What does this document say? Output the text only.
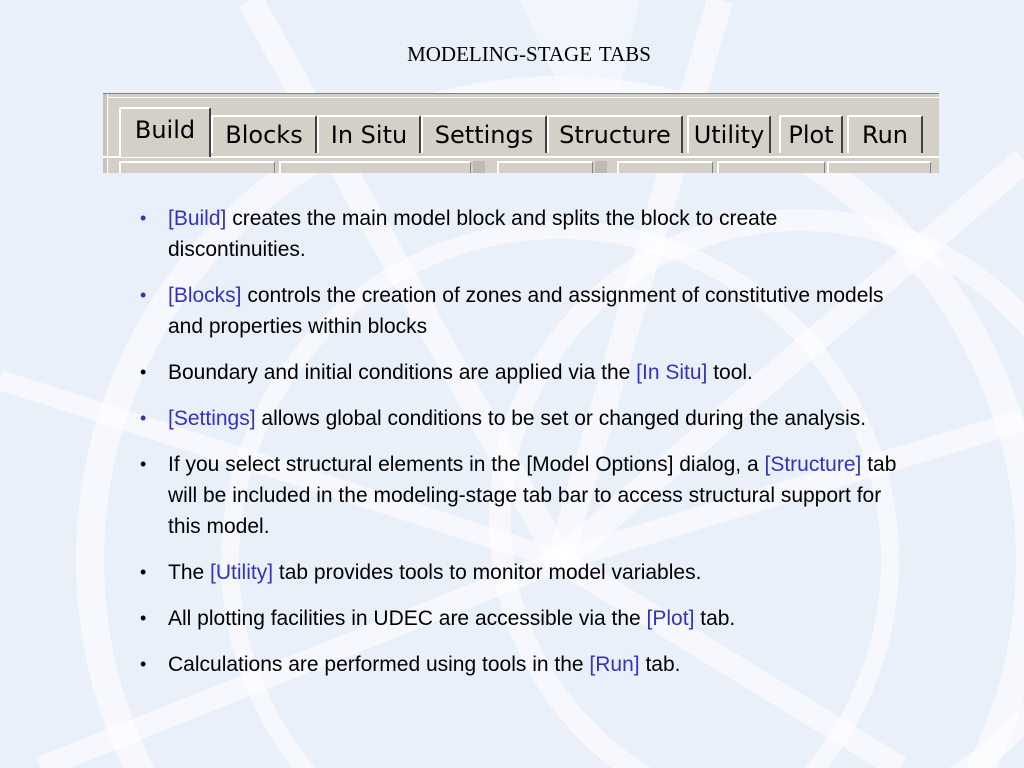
MODELING-STAGE TABS
Build	Blocks	In Situ	Settings	Structure Utility	Plot	Run
•	[Build] creates the main model block and splits the block to create discontinuities.
•	[Blocks] controls the creation of zones and assignment of constitutive models and properties within blocks
•	Boundary and initial conditions are applied via the [In Situ] tool.
•	[Settings] allows global conditions to be set or changed during the analysis.
•	If you select structural elements in the [Model Options] dialog, a [Structure] tab will be included in the modeling-stage tab bar to access structural support for this model.
•	The [Utility] tab provides tools to monitor model variables.
•	All plotting facilities in UDEC are accessible via the [Plot] tab.
•	Calculations are performed using tools in the [Run] tab.
